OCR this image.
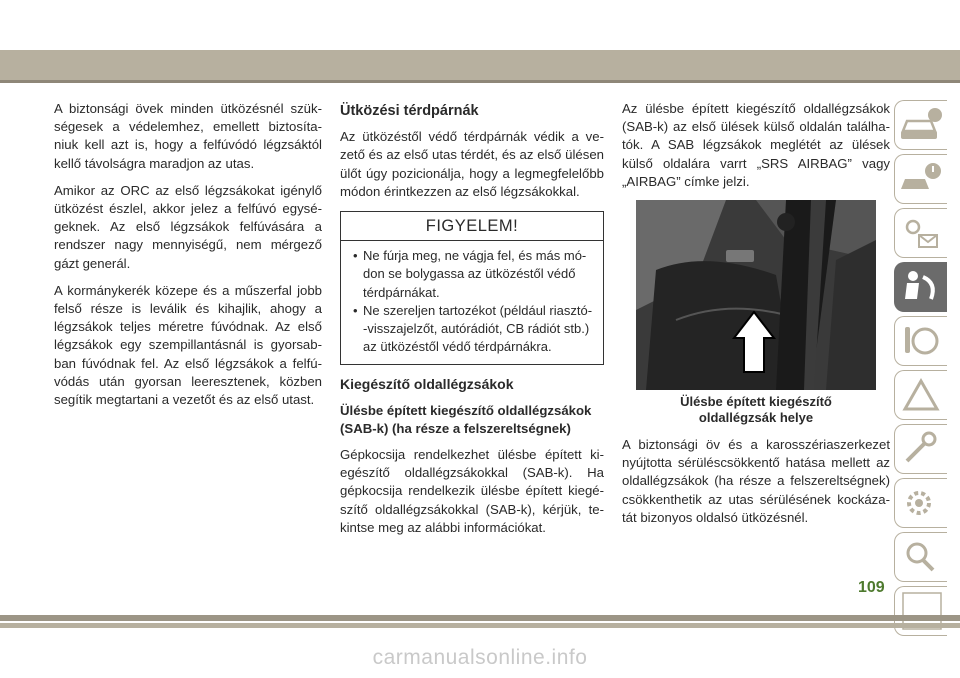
A biztonsági övek minden ütközésnél szük-ségesek a védelemhez, emellett biztosíta-niuk kell azt is, hogy a felfúvódó légzsáktól kellő távolságra maradjon az utas.

Amikor az ORC az első légzsákokat igénylő ütközést észlel, akkor jelez a felfúvó egysé-geknek. Az első légzsákok felfúvására a rendszer nagy mennyiségű, nem mérgező gázt generál.

A kormánykerék közepe és a műszerfal jobb felső része is leválik és kihajlik, ahogy a légzsákok teljes méretre fúvódnak. Az első légzsákok egy szempillantásnál is gyorsab-ban fúvódnak fel. Az első légzsákok a felfú-vódás után gyorsan leeresztenek, közben segítik megtartani a vezetőt és az első utast.

Ütközési térdpárnák

Az ütközéstől védő térdpárnák védik a ve-zető és az első utas térdét, és az első ülésen ülőt úgy pozicionálja, hogy a legmegfelelőbb módon érintkezzen az első légzsákokkal.

FIGYELEM!
• Ne fúrja meg, ne vágja fel, és más mó-don se bolygassa az ütközéstől védő térdpárnákat.
• Ne szereljen tartozékot (például riasztó--visszajelzőt, autórádiót, CB rádiót stb.) az ütközéstől védő térdpárnákra.
Kiegészítő oldallégzsákok
Ülésbe épített kiegészítő oldallégzsákok (SAB-k) (ha része a felszereltségnek)

Gépkocsija rendelkezhet ülésbe épített ki-egészítő oldallégzsákokkal (SAB-k). Ha gépkocsija rendelkezik ülésbe épített kiegé-szítő oldallégzsákokkal (SAB-k), kérjük, te-kintse meg az alábbi információkat.

Az ülésbe épített kiegészítő oldallégzsákok (SAB-k) az első ülések külső oldalán találha-tók. A SAB légzsákok meglétét az ülések külső oldalára varrt „SRS AIRBAG” vagy „AIRBAG” címke jelzi.

Ülésbe épített kiegészítő
oldallégzsák helye

A biztonsági öv és a karosszériaszerkezet nyújtotta sérüléscsökkentő hatása mellett az oldallégzsákok (ha része a felszereltségnek) csökkenthetik az utas sérülésének kockáza-tát bizonyos oldalsó ütközésnél.

109
carmanualsonline.info
